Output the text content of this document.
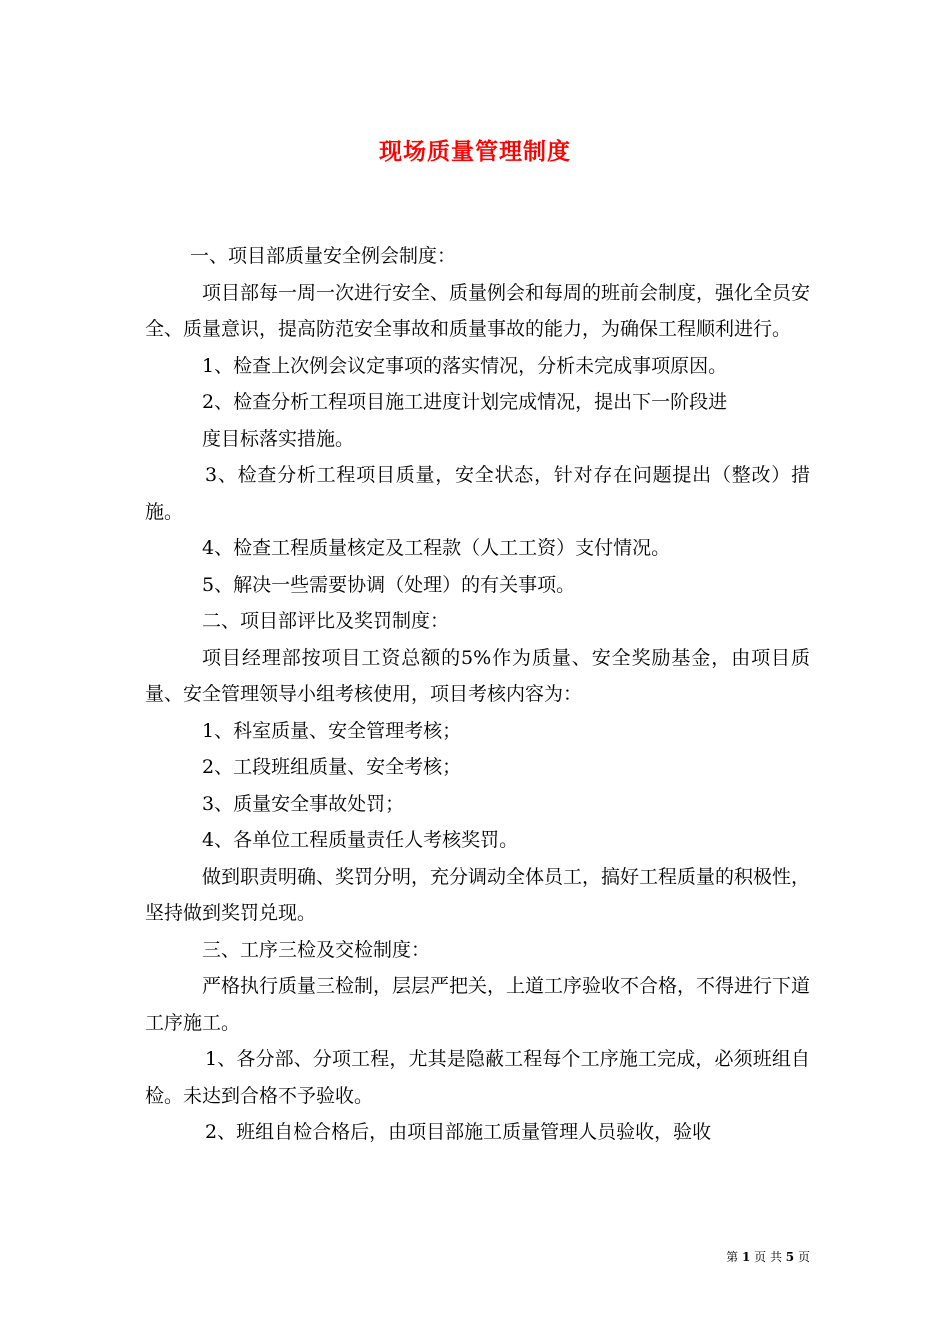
现场质量管理制度

一、项目部质量安全例会制度：

项目部每一周一次进行安全、质量例会和每周的班前会制度，强化全员安全、质量意识，提高防范安全事故和质量事故的能力，为确保工程顺利进行。

1、检查上次例会议定事项的落实情况，分析未完成事项原因。

2、检查分析工程项目施工进度计划完成情况，提出下一阶段进

度目标落实措施。

3、检查分析工程项目质量，安全状态，针对存在问题提出（整改）措施。

4、检查工程质量核定及工程款（人工工资）支付情况。

5、解决一些需要协调（处理）的有关事项。

二、项目部评比及奖罚制度：

项目经理部按项目工资总额的5%作为质量、安全奖励基金，由项目质量、安全管理领导小组考核使用，项目考核内容为：

1、科室质量、安全管理考核；

2、工段班组质量、安全考核；

3、质量安全事故处罚；

4、各单位工程质量责任人考核奖罚。

做到职责明确、奖罚分明，充分调动全体员工，搞好工程质量的积极性，坚持做到奖罚兑现。

三、工序三检及交检制度：

严格执行质量三检制，层层严把关，上道工序验收不合格，不得进行下道工序施工。

1、各分部、分项工程，尤其是隐蔽工程每个工序施工完成，必须班组自检。未达到合格不予验收。

2、班组自检合格后，由项目部施工质量管理人员验收，验收

第 1 页 共 5 页
